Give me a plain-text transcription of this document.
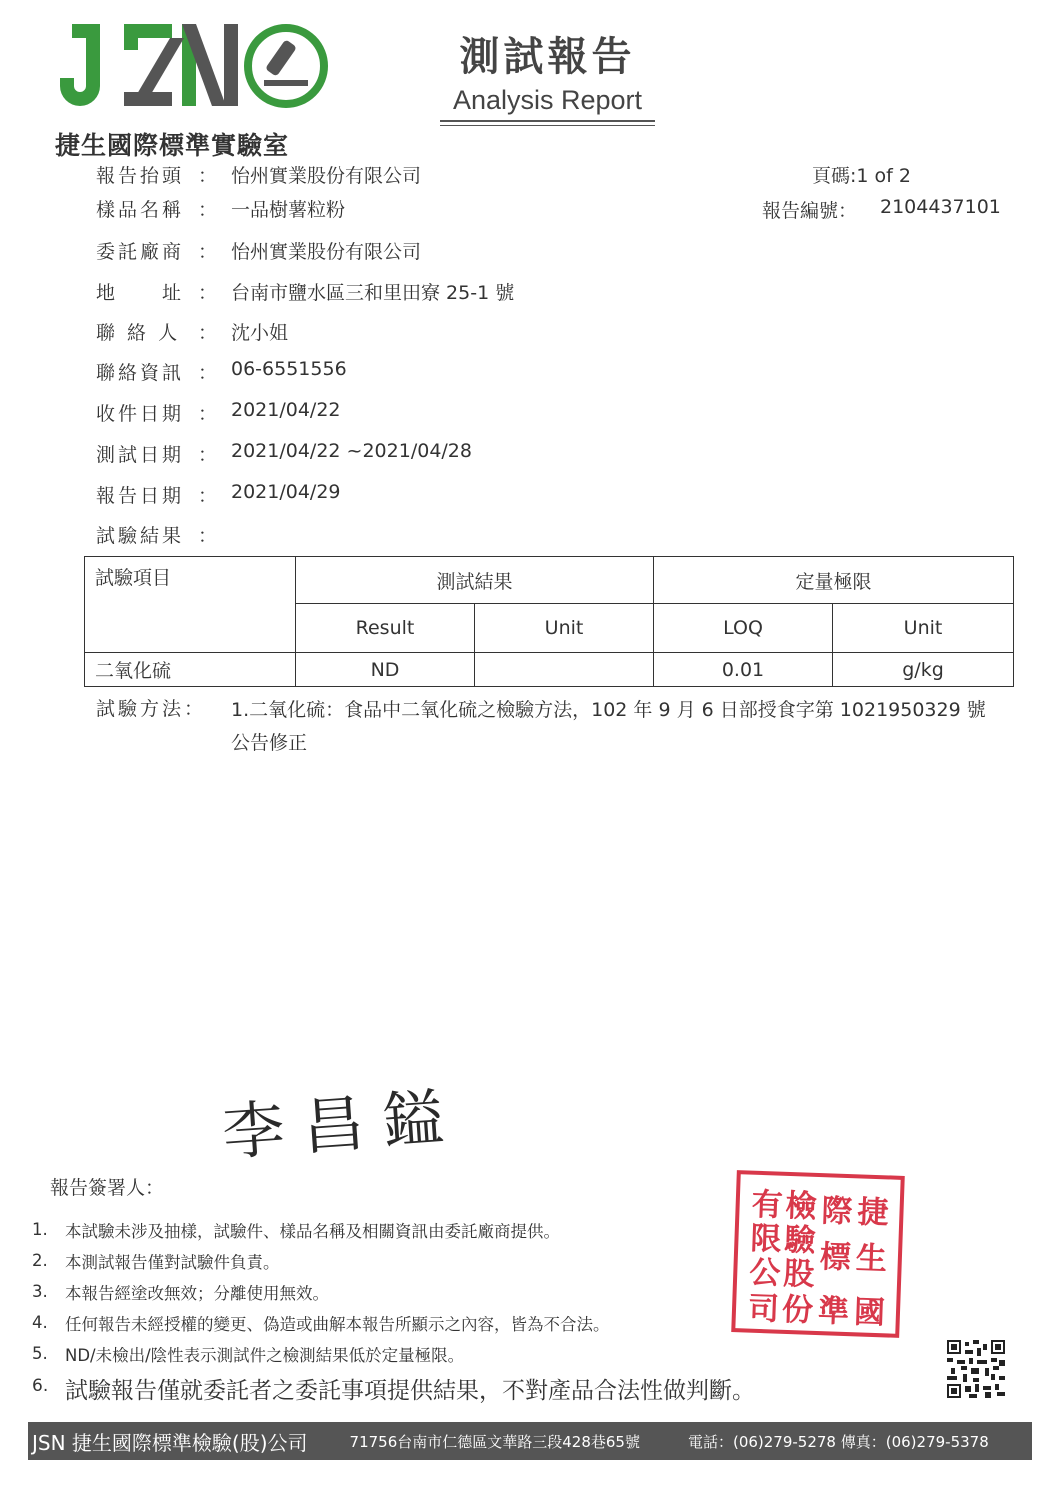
捷生國際標準實驗室
測試報告
Analysis Report
頁碼:1 of 2
報告編號： 2104437101
報告抬頭 ： 怡州實業股份有限公司
樣品名稱 ： 一品樹薯粒粉
委託廠商 ： 怡州實業股份有限公司
地　　址 ： 台南市鹽水區三和里田寮 25-1 號
聯 絡 人 ： 沈小姐
聯絡資訊 ： 06-6551556
收件日期 ： 2021/04/22
測試日期 ： 2021/04/22 ~2021/04/28
報告日期 ： 2021/04/29
試驗結果 ：
試驗項目	測試結果		定量極限	
	Result	Unit	LOQ	Unit
二氧化硫	ND		0.01	g/kg
試驗方法： 1.二氧化硫：食品中二氧化硫之檢驗方法，102 年 9 月 6 日部授食字第 1021950329 號公告修正
李昌鎰
報告簽署人：
1.	本試驗未涉及抽樣，試驗件、樣品名稱及相關資訊由委託廠商提供。
2.	本測試報告僅對試驗件負責。
3.	本報告經塗改無效；分離使用無效。
4.	任何報告未經授權的變更、偽造或曲解本報告所顯示之內容，皆為不合法。
5.	ND/未檢出/陰性表示測試件之檢測結果低於定量極限。
6. 試驗報告僅就委託者之委託事項提供結果，不對產品合法性做判斷。
有 檢 際 捷
限 驗 標 生
公 股
司 份 準 國
JSN 捷生國際標準檢驗(股)公司	71756台南市仁德區文華路三段428巷65號	電話：(06)279-5278 傳真：(06)279-5378
